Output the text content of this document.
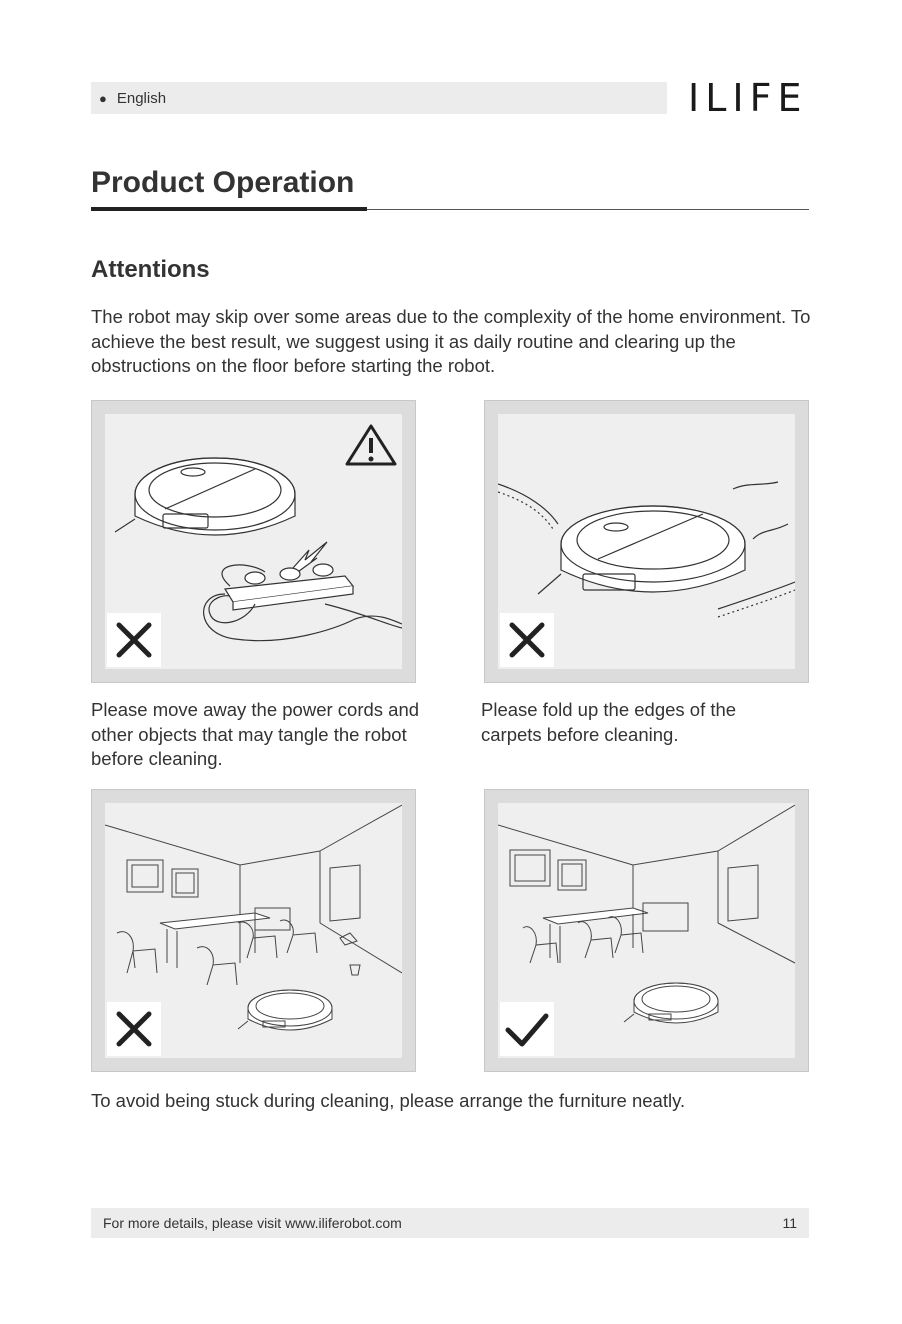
● English	ILIFE
Product Operation
Attentions

The robot may skip over some areas due to the complexity of the home environment. To achieve the best result, we suggest using it as daily routine and clearing up the obstructions on the floor before starting the robot.

Please move away the power cords and other objects that may tangle the robot before cleaning.

Please fold up the edges of the carpets before cleaning.

To avoid being stuck during cleaning, please arrange the furniture neatly.

For more details, please visit www.iliferobot.com	11
